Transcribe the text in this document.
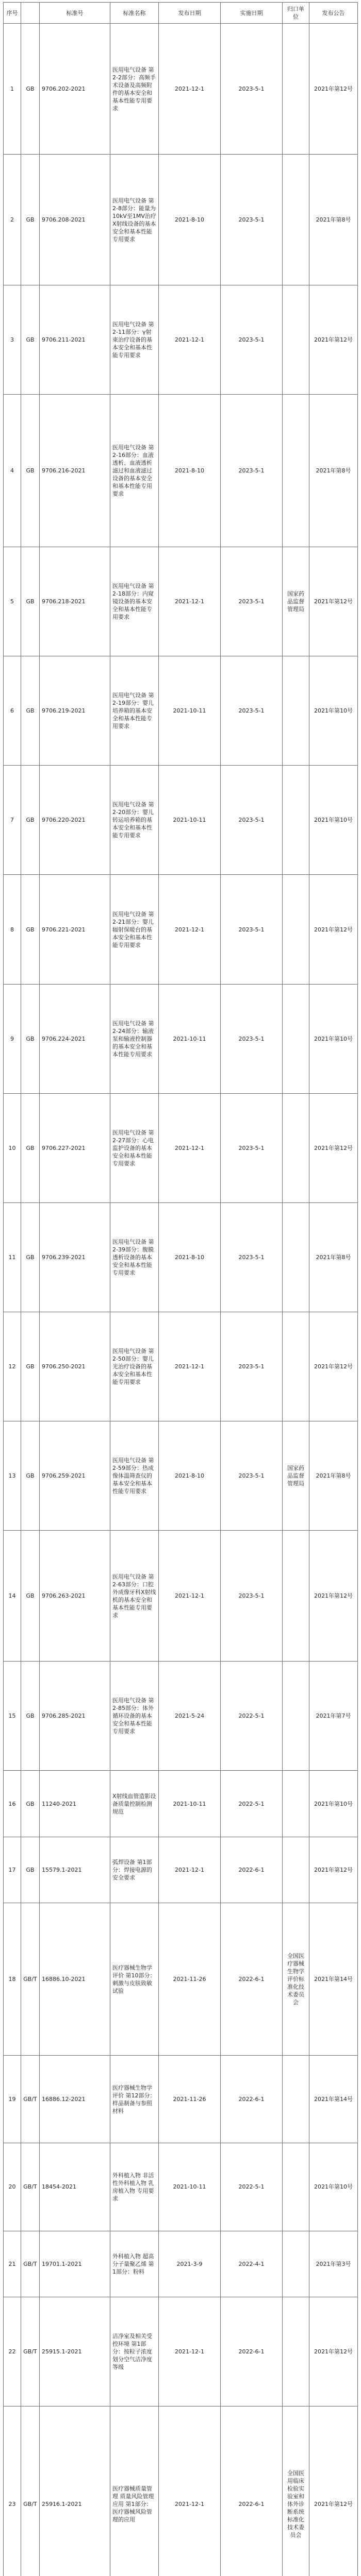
序号		标准号	标准名称	发布日期	实施日期	归口单位	发布公告
1	GB	9706.202-2021	医用电气设备 第2-2部分：高频手术设备及高频附件的基本安全和基本性能专用要求	2021-12-1	2023-5-1		2021年第12号
2	GB	9706.208-2021	医用电气设备 第2-8部分：能量为10kV至1MV治疗X射线设备的基本安全和基本性能专用要求	2021-8-10	2023-5-1		2021年第8号
3	GB	9706.211-2021	医用电气设备 第2-11部分：γ射束治疗设备的基本安全和基本性能专用要求	2021-12-1	2023-5-1		2021年第12号
4	GB	9706.216-2021	医用电气设备 第2-16部分：血液透析、血液透析滤过和血液滤过设备的基本安全和基本性能专用要求	2021-8-10	2023-5-1		2021年第8号
5	GB	9706.218-2021	医用电气设备 第2-18部分：内窥镜设备的基本安全和基本性能专用要求	2021-12-1	2023-5-1	国家药品监督管理局	2021年第12号
6	GB	9706.219-2021	医用电气设备 第2-19部分：婴儿培养箱的基本安全和基本性能专用要求	2021-10-11	2023-5-1		2021年第10号
7	GB	9706.220-2021	医用电气设备 第2-20部分：婴儿转运培养箱的基本安全和基本性能专用要求	2021-10-11	2023-5-1		2021年第10号
8	GB	9706.221-2021	医用电气设备 第2-21部分：婴儿辐射保暖台的基本安全和基本性能专用要求	2021-12-1	2023-5-1		2021年第12号
9	GB	9706.224-2021	医用电气设备 第2-24部分：输液泵和输液控制器的基本安全和基本性能专用要求	2021-10-11	2023-5-1		2021年第10号
10	GB	9706.227-2021	医用电气设备 第2-27部分：心电监护设备的基本安全和基本性能专用要求	2021-12-1	2023-5-1		2021年第12号
11	GB	9706.239-2021	医用电气设备 第2-39部分：腹膜透析设备的基本安全和基本性能专用要求	2021-8-10	2023-5-1		2021年第8号
12	GB	9706.250-2021	医用电气设备 第2-50部分：婴儿光治疗设备的基本安全和基本性能专用要求	2021-12-1	2023-5-1		2021年第12号
13	GB	9706.259-2021	医用电气设备 第2-59部分：热成像体温筛查仪的基本安全和基本性能专用要求	2021-8-10	2023-5-1	国家药品监督管理局	2021年第8号
14	GB	9706.263-2021	医用电气设备 第2-63部分：口腔外成像牙科X射线机的基本安全和基本性能专用要求	2021-12-1	2023-5-1		2021年第12号
15	GB	9706.285-2021	医用电气设备 第2-85部分：体外循环设备的基本安全和基本性能专用要求	2021-5-24	2022-5-1		2021年第7号
16	GB	11240-2021	X射线血管造影设备质量控制检测规范	2021-10-11	2022-5-1		2021年第10号
17	GB	15579.1-2021	弧焊设备 第1部分：焊接电源的安全要求	2021-12-1	2022-6-1		2021年第12号
18	GB/T	16886.10-2021	医疗器械生物学评价 第10部分：刺激与皮肤致敏试验	2021-11-26	2022-6-1	全国医疗器械生物学评价标准化技术委员会	2021年第14号
19	GB/T	16886.12-2021	医疗器械生物学评价 第12部分：样品制备与参照材料	2021-11-26	2022-6-1		2021年第14号
20	GB/T	18454-2021	外科植入物 非活性外科植入物 乳房植入物 专用要求	2021-10-11	2022-5-1		2021年第10号
21	GB/T	19701.1-2021	外科植入物 超高分子量聚乙烯 第1部分：粉料	2021-3-9	2022-4-1		2021年第3号
22	GB/T	25915.1-2021	洁净室及相关受控环境 第1部分：按粒子浓度划分空气洁净度等级	2021-12-1	2022-6-1		2021年第12号
23	GB/T	25916.1-2021	医疗器械质量管理 质量风险管理应用 第1部分：医疗器械风险管理的应用	2021-12-1	2022-6-1	全国医用临床检验实验室和体外诊断系统标准化技术委员会	2021年第12号
